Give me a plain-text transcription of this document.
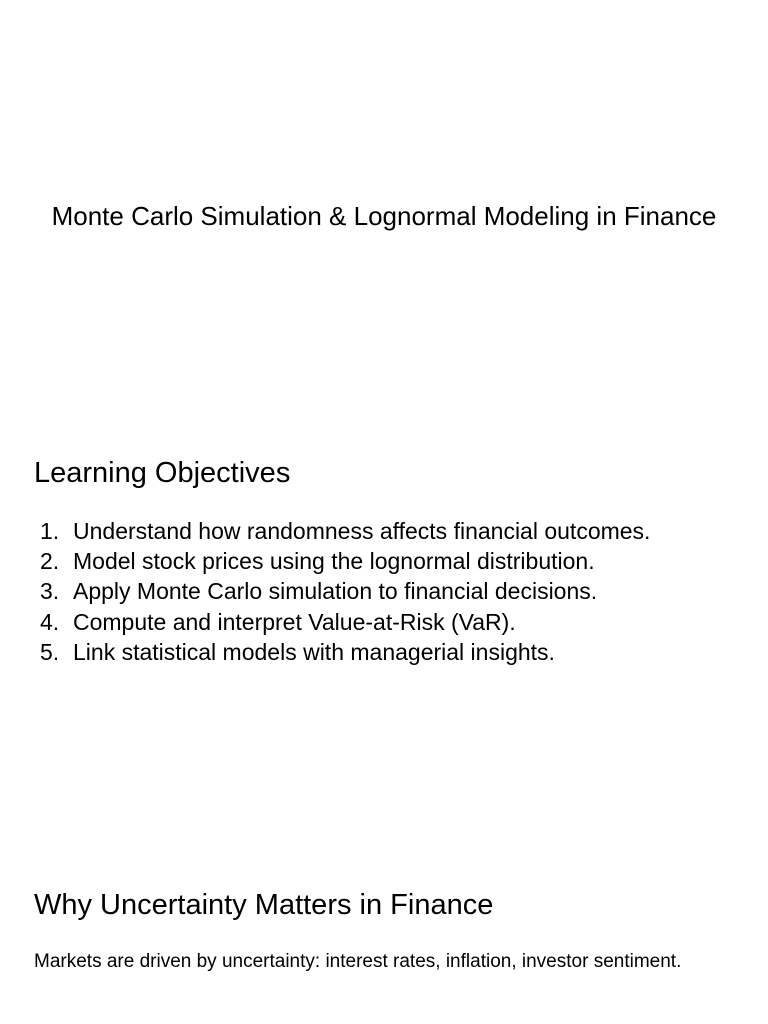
Monte Carlo Simulation & Lognormal Modeling in Finance
Learning Objectives
1. Understand how randomness affects financial outcomes.
2. Model stock prices using the lognormal distribution.
3. Apply Monte Carlo simulation to financial decisions.
4. Compute and interpret Value-at-Risk (VaR).
5. Link statistical models with managerial insights.
Why Uncertainty Matters in Finance

Markets are driven by uncertainty: interest rates, inflation, investor sentiment.
